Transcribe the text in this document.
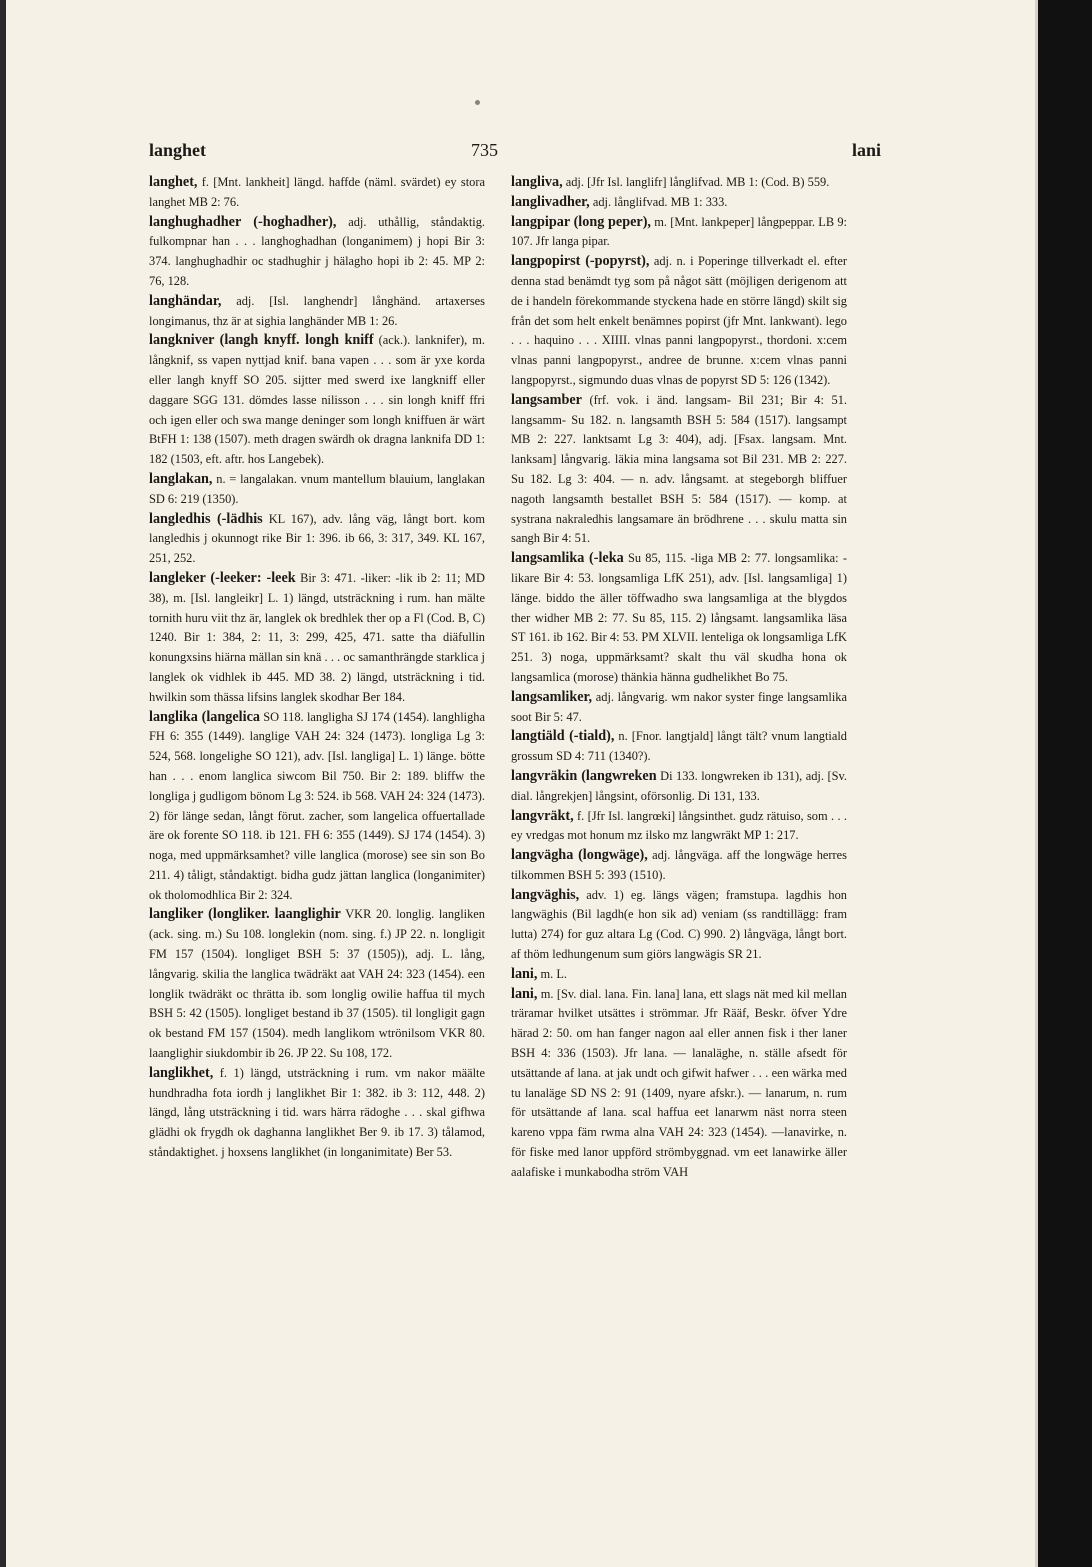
langhet	735	lani

langhet, f. [Mnt. lankheit] längd. haffde (näml. svärdet) ey stora langhet MB 2: 76.

langhughadher (-hoghadher), adj. uthållig, ståndaktig. fulkompnar han . . . langhoghadhan (longanimem) j hopi Bir 3: 374. langhughadhir oc stadhughir j hälagho hopi ib 2: 45. MP 2: 76, 128.

langhändar, adj. [Isl. langhendr] långhänd. artaxerses longimanus, thz är at sighia langhänder MB 1: 26.

langkniver (langh knyff. longh kniff (ack.). lanknifer), m. långknif, ss vapen nyttjad knif. bana vapen . . . som är yxe korda eller langh knyff SO 205. sijtter med swerd ixe langkniff eller daggare SGG 131. dömdes lasse nilisson . . . sin longh kniff ffri och igen eller och swa mange deninger som longh kniffuen är wärt BtFH 1: 138 (1507). meth dragen swärdh ok dragna lanknifa DD 1: 182 (1503, eft. aftr. hos Langebek).

langlakan, n. = langalakan. vnum mantellum blauium, langlakan SD 6: 219 (1350).

langledhis (-lädhis KL 167), adv. lång väg, långt bort. kom langledhis j okunnogt rike Bir 1: 396. ib 66, 3: 317, 349. KL 167, 251, 252.

langleker (-leeker: -leek Bir 3: 471. -liker: -lik ib 2: 11; MD 38), m. [Isl. langleikr] L. 1) längd, utsträckning i rum. han mälte tornith huru viit thz är, langlek ok bredhlek ther op a Fl (Cod. B, C) 1240. Bir 1: 384, 2: 11, 3: 299, 425, 471. satte tha diäfullin konungxsins hiärna mällan sin knä . . . oc samanthrängde starklica j langlek ok vidhlek ib 445. MD 38. 2) längd, utsträckning i tid. hwilkin som thässa lifsins langlek skodhar Ber 184.

langlika (langelica SO 118. langligha SJ 174 (1454). langhligha FH 6: 355 (1449). langlige VAH 24: 324 (1473). longliga Lg 3: 524, 568. longelighe SO 121), adv. [Isl. langliga] L. 1) länge. bötte han . . . enom langlica siwcom Bil 750. Bir 2: 189. bliffw the longliga j gudligom bönom Lg 3: 524. ib 568. VAH 24: 324 (1473). 2) för länge sedan, långt förut. zacher, som langelica offuertallade äre ok forente SO 118. ib 121. FH 6: 355 (1449). SJ 174 (1454). 3) noga, med uppmärksamhet? ville langlica (morose) see sin son Bo 211. 4) tåligt, ståndaktigt. bidha gudz jättan langlica (longanimiter) ok tholomodhlica Bir 2: 324.

langliker (longliker. laanglighir VKR 20. longlig. langliken (ack. sing. m.) Su 108. longlekin (nom. sing. f.) JP 22. n. longligit FM 157 (1504). longliget BSH 5: 37 (1505)), adj. L. lång, långvarig. skilia the langlica twädräkt aat VAH 24: 323 (1454). een longlik twädräkt oc thrätta ib. som longlig owilie haffua til mych BSH 5: 42 (1505). longliget bestand ib 37 (1505). til longligit gagn ok bestand FM 157 (1504). medh langlikom wtrönilsom VKR 80. laanglighir siukdombir ib 26. JP 22. Su 108, 172.

langlikhet, f. 1) längd, utsträckning i rum. vm nakor määlte hundhradha fota iordh j langlikhet Bir 1: 382. ib 3: 112, 448. 2) längd, lång utsträckning i tid. wars härra rädoghe . . . skal gifhwa glädhi ok frygdh ok daghanna langlikhet Ber 9. ib 17. 3) tålamod, ståndaktighet. j hoxsens langlikhet (in longanimitate) Ber 53.

langliva, adj. [Jfr Isl. langlifr] långlifvad. MB 1: (Cod. B) 559.

langlivadher, adj. långlifvad. MB 1: 333.

langpipar (long peper), m. [Mnt. lankpeper] långpeppar. LB 9: 107. Jfr langa pipar.

langpopirst (-popyrst), adj. n. i Poperinge tillverkadt el. efter denna stad benämdt tyg som på något sätt (möjligen derigenom att de i handeln förekommande styckena hade en större längd) skilt sig från det som helt enkelt benämnes popirst (jfr Mnt. lankwant). lego . . . haquino . . . XIIII. vlnas panni langpopyrst., thordoni. x:cem vlnas panni langpopyrst., andree de brunne. x:cem vlnas panni langpopyrst., sigmundo duas vlnas de popyrst SD 5: 126 (1342).

langsamber (frf. vok. i änd. langsam- Bil 231; Bir 4: 51. langsamm- Su 182. n. langsamth BSH 5: 584 (1517). langsampt MB 2: 227. lanktsamt Lg 3: 404), adj. [Fsax. langsam. Mnt. lanksam] långvarig. läkia mina langsama sot Bil 231. MB 2: 227. Su 182. Lg 3: 404. — n. adv. långsamt. at stegeborgh bliffuer nagoth langsamth bestallet BSH 5: 584 (1517). — komp. at systrana nakraledhis langsamare än brödhrene . . . skulu matta sin sangh Bir 4: 51.

langsamlika (-leka Su 85, 115. -liga MB 2: 77. longsamlika: -likare Bir 4: 53. longsamliga LfK 251), adv. [Isl. langsamliga] 1) länge. biddo the äller töffwadho swa langsamliga at the blygdos ther widher MB 2: 77. Su 85, 115. 2) långsamt. langsamlika läsa ST 161. ib 162. Bir 4: 53. PM XLVII. lenteliga ok longsamliga LfK 251. 3) noga, uppmärksamt? skalt thu väl skudha hona ok langsamlica (morose) thänkia hänna gudhelikhet Bo 75.

langsamliker, adj. långvarig. wm nakor syster finge langsamlika soot Bir 5: 47.

langtiäld (-tiald), n. [Fnor. langtjald] långt tält? vnum langtiald grossum SD 4: 711 (1340?).

langvräkin (langwreken Di 133. longwreken ib 131), adj. [Sv. dial. långrekjen] långsint, oförsonlig. Di 131, 133.

langvräkt, f. [Jfr Isl. langrœki] långsinthet. gudz rätuiso, som . . . ey vredgas mot honum mz ilsko mz langwräkt MP 1: 217.

langvägha (longwäge), adj. långväga. aff the longwäge herres tilkommen BSH 5: 393 (1510).

langväghis, adv. 1) eg. längs vägen; framstupa. lagdhis hon langwäghis (Bil lagdh(e hon sik ad) veniam (ss randtillägg: fram lutta) 274) for guz altara Lg (Cod. C) 990. 2) långväga, långt bort. af thöm ledhungenum sum giörs langwägis SR 21.

lani, m. L.

lani, m. [Sv. dial. lana. Fin. lana] lana, ett slags nät med kil mellan träramar hvilket utsättes i strömmar. Jfr Rääf, Beskr. öfver Ydre härad 2: 50. om han fanger nagon aal eller annen fisk i ther laner BSH 4: 336 (1503). Jfr lana. — lanaläghe, n. ställe afsedt för utsättande af lana. at jak undt och gifwit hafwer . . . een wärka med tu lanaläge SD NS 2: 91 (1409, nyare afskr.). — lanarum, n. rum för utsättande af lana. scal haffua eet lanarwm näst norra steen kareno vppa fäm rwma alna VAH 24: 323 (1454). —lanavirke, n. för fiske med lanor uppförd strömbyggnad. vm eet lanawirke äller aalafiske i munkabodha ström VAH
